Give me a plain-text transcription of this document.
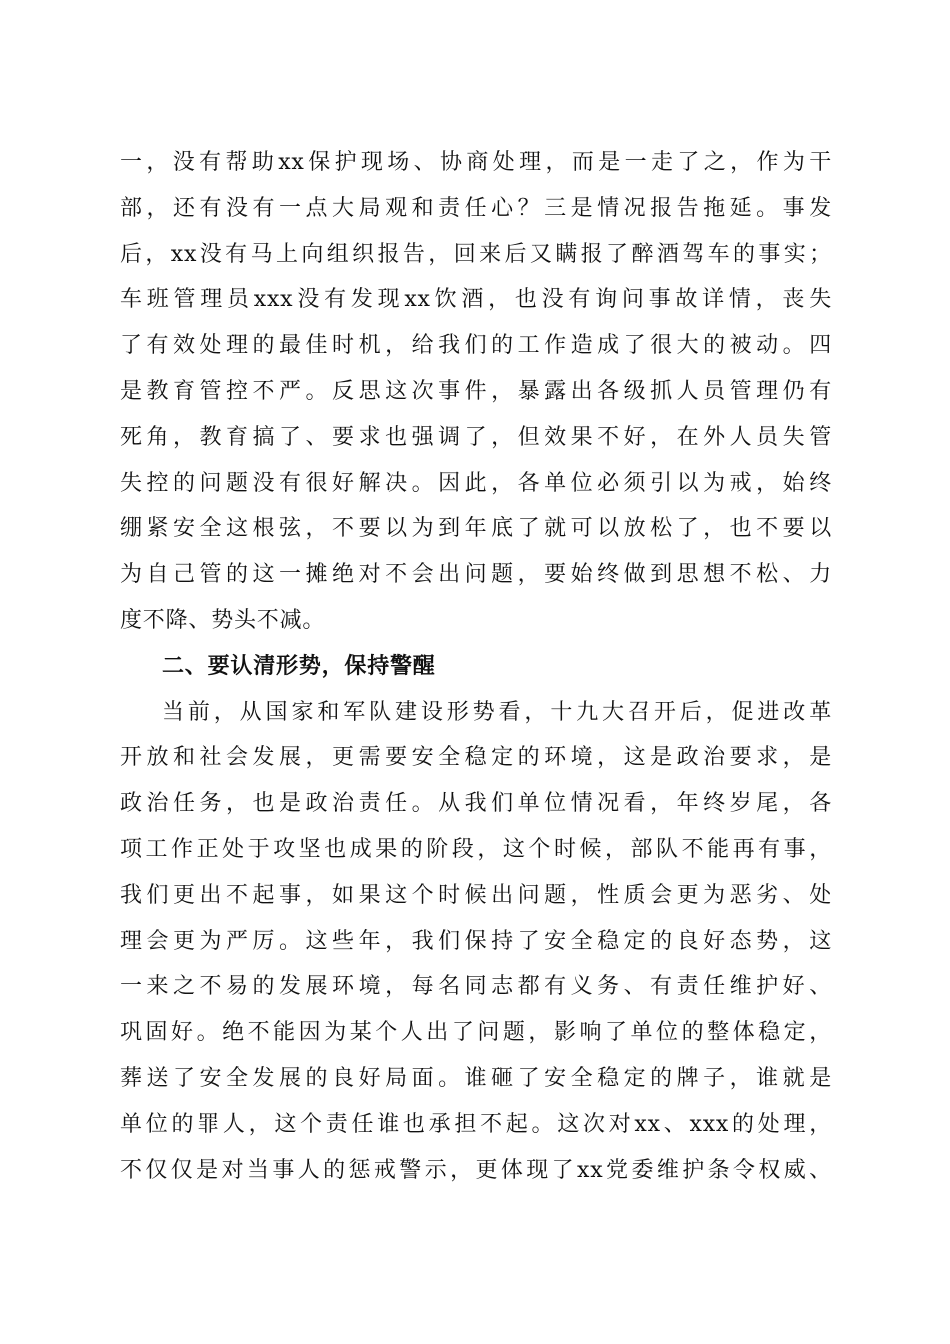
一，没有帮助xx保护现场、协商处理，而是一走了之，作为干
部，还有没有一点大局观和责任心？三是情况报告拖延。事发
后，xx没有马上向组织报告，回来后又瞒报了醉酒驾车的事实；
车班管理员xxx没有发现xx饮酒，也没有询问事故详情，丧失
了有效处理的最佳时机，给我们的工作造成了很大的被动。四
是教育管控不严。反思这次事件，暴露出各级抓人员管理仍有
死角，教育搞了、要求也强调了，但效果不好，在外人员失管
失控的问题没有很好解决。因此，各单位必须引以为戒，始终
绷紧安全这根弦，不要以为到年底了就可以放松了，也不要以
为自己管的这一摊绝对不会出问题，要始终做到思想不松、力
度不降、势头不减。
二、要认清形势，保持警醒
当前，从国家和军队建设形势看，十九大召开后，促进改革
开放和社会发展，更需要安全稳定的环境，这是政治要求，是
政治任务，也是政治责任。从我们单位情况看，年终岁尾，各
项工作正处于攻坚也成果的阶段，这个时候，部队不能再有事，
我们更出不起事，如果这个时候出问题，性质会更为恶劣、处
理会更为严厉。这些年，我们保持了安全稳定的良好态势，这
一来之不易的发展环境，每名同志都有义务、有责任维护好、
巩固好。绝不能因为某个人出了问题，影响了单位的整体稳定，
葬送了安全发展的良好局面。谁砸了安全稳定的牌子，谁就是
单位的罪人，这个责任谁也承担不起。这次对xx、xxx的处理，
不仅仅是对当事人的惩戒警示，更体现了xx党委维护条令权威、
